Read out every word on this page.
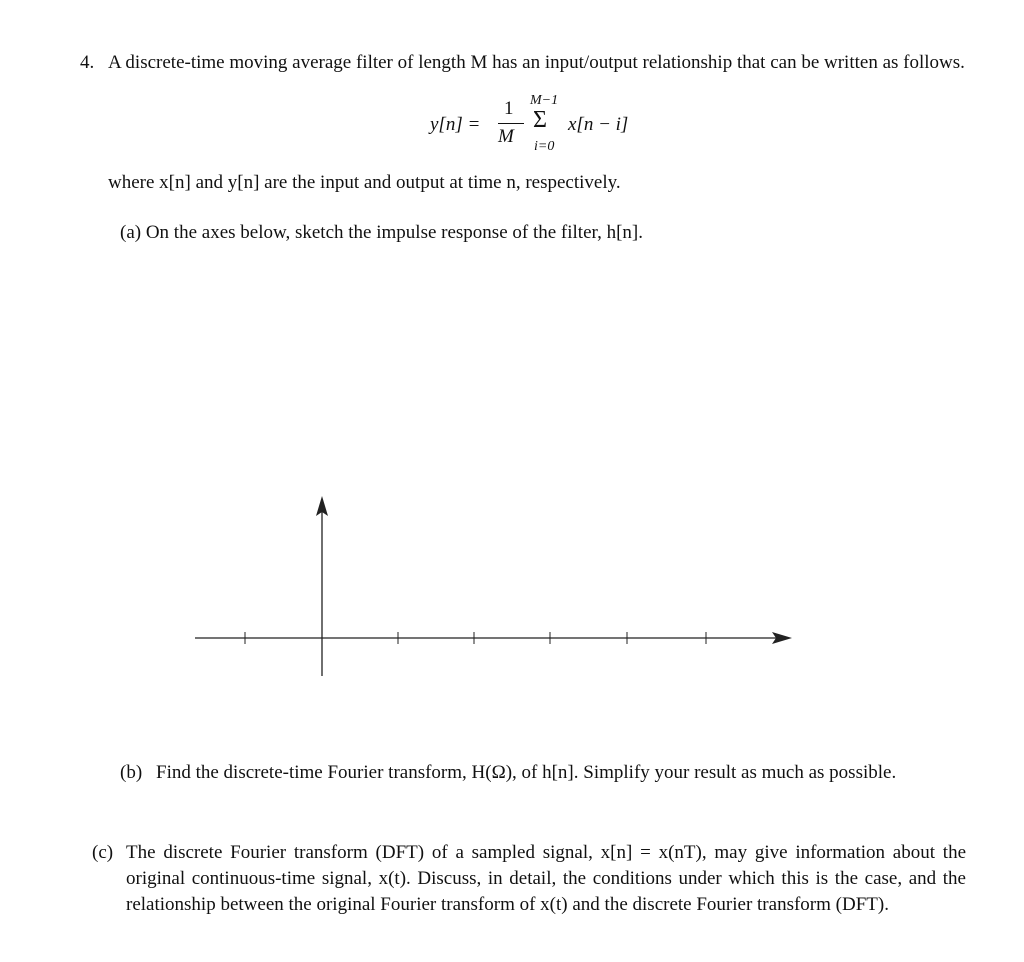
4. A discrete-time moving average filter of length M has an input/output relationship that can be written as follows.

y[n] =
1
M
M−1
Σ
i=0
x[n − i]

where x[n] and y[n] are the input and output at time n, respectively.

(a) On the axes below, sketch the impulse response of the filter, h[n].

(b) Find the discrete-time Fourier transform, H(Ω), of h[n]. Simplify your result as much as possible.

(c) The discrete Fourier transform (DFT) of a sampled signal, x[n] = x(nT), may give information about the original continuous-time signal, x(t). Discuss, in detail, the conditions under which this is the case, and the relationship between the original Fourier transform of x(t) and the discrete Fourier transform (DFT).
